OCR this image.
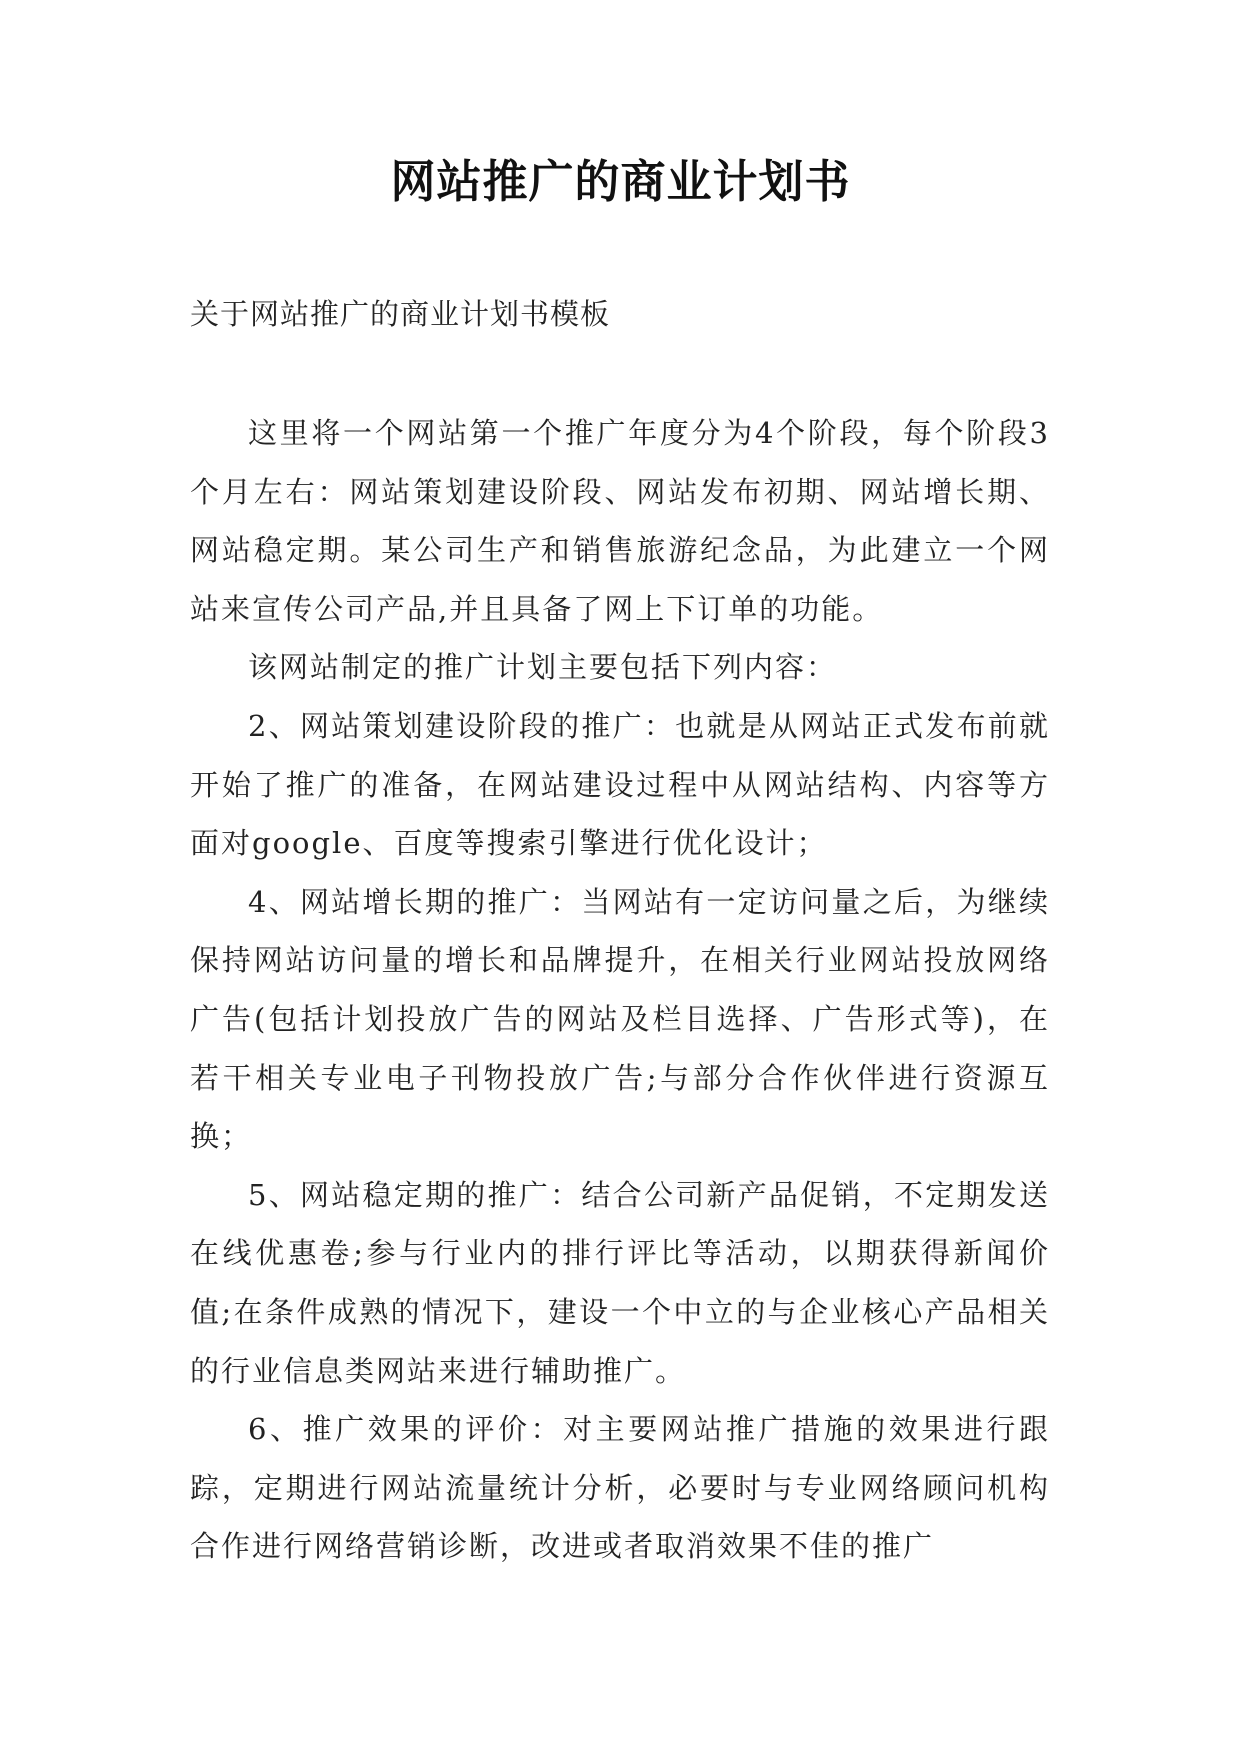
网站推广的商业计划书
关于网站推广的商业计划书模板

这里将一个网站第一个推广年度分为4个阶段，每个阶段3个月左右：网站策划建设阶段、网站发布初期、网站增长期、网站稳定期。某公司生产和销售旅游纪念品，为此建立一个网站来宣传公司产品,并且具备了网上下订单的功能。

该网站制定的推广计划主要包括下列内容：

2、网站策划建设阶段的推广：也就是从网站正式发布前就开始了推广的准备，在网站建设过程中从网站结构、内容等方面对google、百度等搜索引擎进行优化设计；

4、网站增长期的推广：当网站有一定访问量之后，为继续保持网站访问量的增长和品牌提升，在相关行业网站投放网络广告(包括计划投放广告的网站及栏目选择、广告形式等)，在若干相关专业电子刊物投放广告;与部分合作伙伴进行资源互换；

5、网站稳定期的推广：结合公司新产品促销，不定期发送在线优惠卷;参与行业内的排行评比等活动，以期获得新闻价值;在条件成熟的情况下，建设一个中立的与企业核心产品相关的行业信息类网站来进行辅助推广。

6、推广效果的评价：对主要网站推广措施的效果进行跟踪，定期进行网站流量统计分析，必要时与专业网络顾问机构合作进行网络营销诊断，改进或者取消效果不佳的推广
